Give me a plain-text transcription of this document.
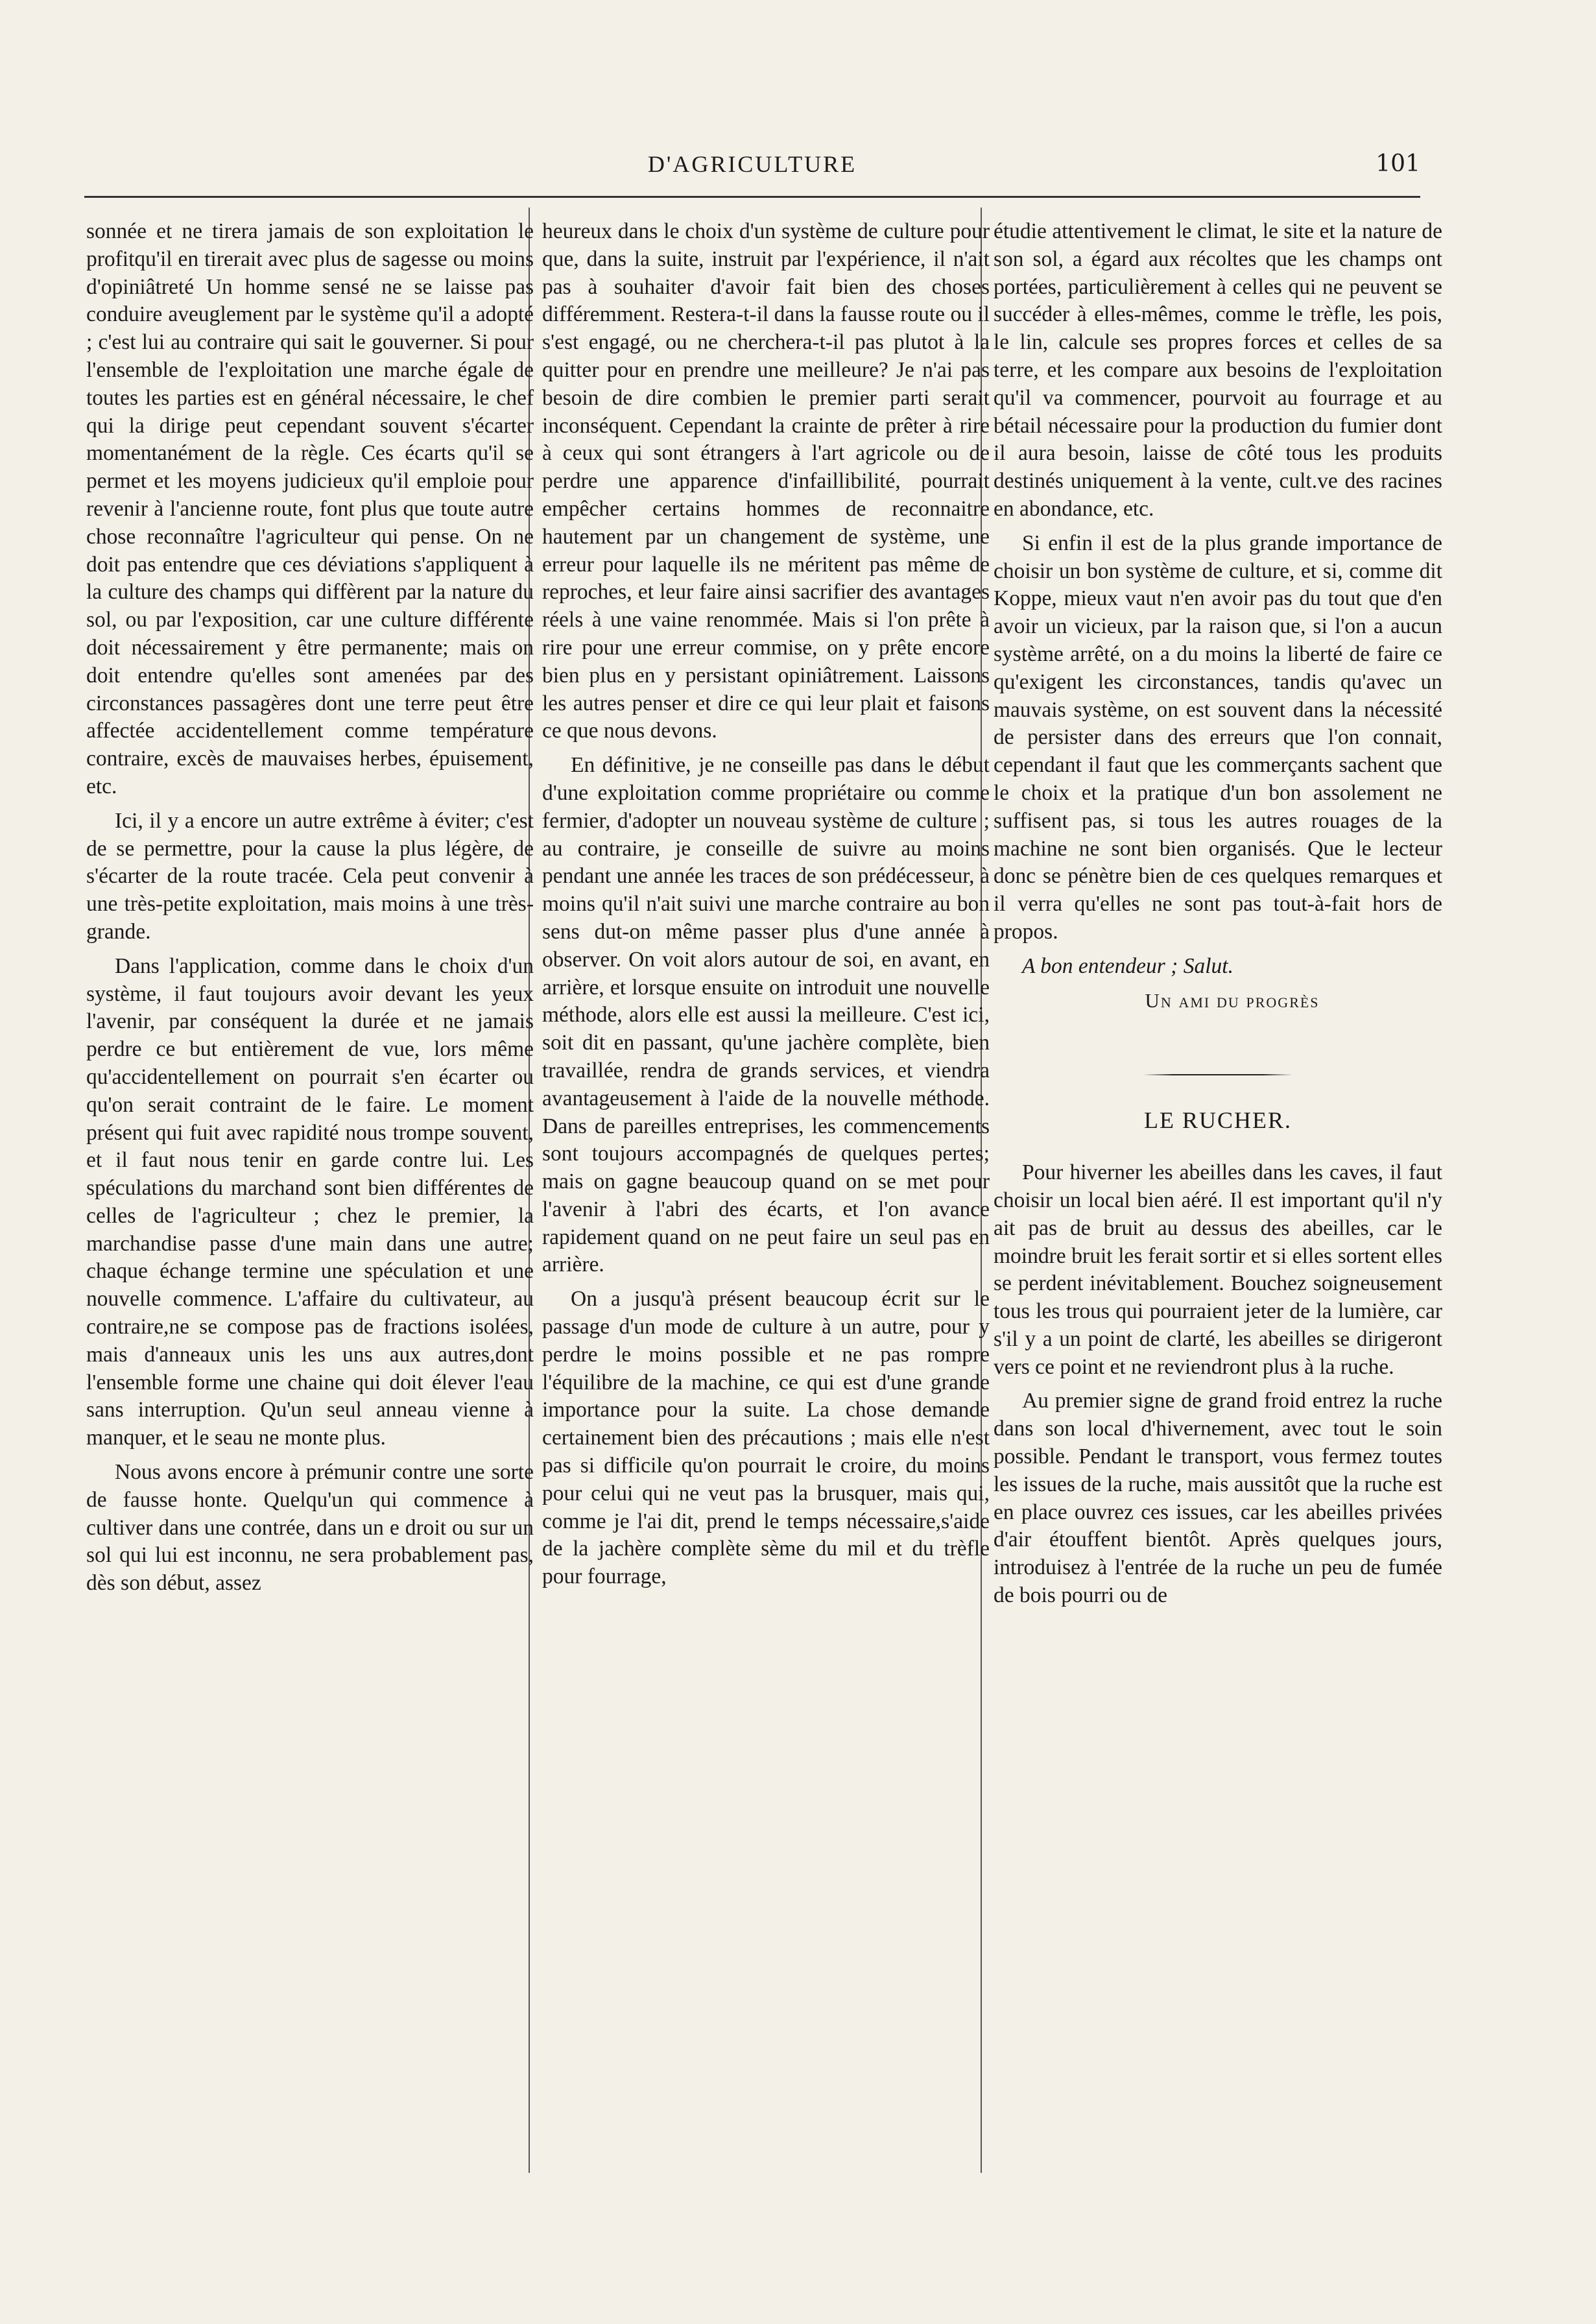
D'AGRICULTURE	101

sonnée et ne tirera jamais de son exploitation le profitqu'il en tirerait avec plus de sagesse ou moins d'opiniâtreté Un homme sensé ne se laisse pas conduire aveuglement par le système qu'il a adopté ; c'est lui au contraire qui sait le gouverner. Si pour l'ensemble de l'exploitation une marche égale de toutes les parties est en général nécessaire, le chef qui la dirige peut cependant souvent s'écarter momentanément de la règle. Ces écarts qu'il se permet et les moyens judicieux qu'il emploie pour revenir à l'ancienne route, font plus que toute autre chose reconnaître l'agriculteur qui pense. On ne doit pas entendre que ces déviations s'appliquent à la culture des champs qui diffèrent par la nature du sol, ou par l'exposition, car une culture différente doit nécessairement y être permanente; mais on doit entendre qu'elles sont amenées par des circonstances passagères dont une terre peut être affectée accidentellement comme température contraire, excès de mauvaises herbes, épuisement, etc.

Ici, il y a encore un autre extrême à éviter; c'est de se permettre, pour la cause la plus légère, de s'écarter de la route tracée. Cela peut convenir à une très-petite exploitation, mais moins à une très-grande.

Dans l'application, comme dans le choix d'un système, il faut toujours avoir devant les yeux l'avenir, par conséquent la durée et ne jamais perdre ce but entièrement de vue, lors même qu'accidentellement on pourrait s'en écarter ou qu'on serait contraint de le faire. Le moment présent qui fuit avec rapidité nous trompe souvent, et il faut nous tenir en garde contre lui. Les spéculations du marchand sont bien différentes de celles de l'agriculteur ; chez le premier, la marchandise passe d'une main dans une autre; chaque échange termine une spéculation et une nouvelle commence. L'affaire du cultivateur, au contraire,ne se compose pas de fractions isolées, mais d'anneaux unis les uns aux autres,dont l'ensemble forme une chaine qui doit élever l'eau sans interruption. Qu'un seul anneau vienne à manquer, et le seau ne monte plus.

Nous avons encore à prémunir contre une sorte de fausse honte. Quelqu'un qui commence à cultiver dans une contrée, dans un e droit ou sur un sol qui lui est inconnu, ne sera probablement pas, dès son début, assez

heureux dans le choix d'un système de culture pour que, dans la suite, instruit par l'expérience, il n'ait pas à souhaiter d'avoir fait bien des choses différemment. Restera-t-il dans la fausse route ou il s'est engagé, ou ne cherchera-t-il pas plutot à la quitter pour en prendre une meilleure? Je n'ai pas besoin de dire combien le premier parti serait inconséquent. Cependant la crainte de prêter à rire à ceux qui sont étrangers à l'art agricole ou de perdre une apparence d'infaillibilité, pourrait empêcher certains hommes de reconnaitre hautement par un changement de système, une erreur pour laquelle ils ne méritent pas même de reproches, et leur faire ainsi sacrifier des avantages réels à une vaine renommée. Mais si l'on prête à rire pour une erreur commise, on y prête encore bien plus en y persistant opiniâtrement. Laissons les autres penser et dire ce qui leur plait et faisons ce que nous devons.

En définitive, je ne conseille pas dans le début d'une exploitation comme propriétaire ou comme fermier, d'adopter un nouveau système de culture ; au contraire, je conseille de suivre au moins pendant une année les traces de son prédécesseur, à moins qu'il n'ait suivi une marche contraire au bon sens dut-on même passer plus d'une année à observer. On voit alors autour de soi, en avant, en arrière, et lorsque ensuite on introduit une nouvelle méthode, alors elle est aussi la meilleure. C'est ici, soit dit en passant, qu'une jachère complète, bien travaillée, rendra de grands services, et viendra avantageusement à l'aide de la nouvelle méthode. Dans de pareilles entreprises, les commencements sont toujours accompagnés de quelques pertes; mais on gagne beaucoup quand on se met pour l'avenir à l'abri des écarts, et l'on avance rapidement quand on ne peut faire un seul pas en arrière.

On a jusqu'à présent beaucoup écrit sur le passage d'un mode de culture à un autre, pour y perdre le moins possible et ne pas rompre l'équilibre de la machine, ce qui est d'une grande importance pour la suite. La chose demande certainement bien des précautions ; mais elle n'est pas si difficile qu'on pourrait le croire, du moins pour celui qui ne veut pas la brusquer, mais qui, comme je l'ai dit, prend le temps nécessaire,s'aide de la jachère complète sème du mil et du trèfle pour fourrage,

étudie attentivement le climat, le site et la nature de son sol, a égard aux récoltes que les champs ont portées, particulièrement à celles qui ne peuvent se succéder à elles-mêmes, comme le trèfle, les pois, le lin, calcule ses propres forces et celles de sa terre, et les compare aux besoins de l'exploitation qu'il va commencer, pourvoit au fourrage et au bétail nécessaire pour la production du fumier dont il aura besoin, laisse de côté tous les produits destinés uniquement à la vente, cult.ve des racines en abondance, etc.

Si enfin il est de la plus grande importance de choisir un bon système de culture, et si, comme dit Koppe, mieux vaut n'en avoir pas du tout que d'en avoir un vicieux, par la raison que, si l'on a aucun système arrêté, on a du moins la liberté de faire ce qu'exigent les circonstances, tandis qu'avec un mauvais système, on est souvent dans la nécessité de persister dans des erreurs que l'on connait, cependant il faut que les commerçants sachent que le choix et la pratique d'un bon assolement ne suffisent pas, si tous les autres rouages de la machine ne sont bien organisés. Que le lecteur donc se pénètre bien de ces quelques remarques et il verra qu'elles ne sont pas tout-à-fait hors de propos.

A bon entendeur ; Salut.

Un ami du progrès

LE RUCHER.

Pour hiverner les abeilles dans les caves, il faut choisir un local bien aéré. Il est important qu'il n'y ait pas de bruit au dessus des abeilles, car le moindre bruit les ferait sortir et si elles sortent elles se perdent inévitablement. Bouchez soigneusement tous les trous qui pourraient jeter de la lumière, car s'il y a un point de clarté, les abeilles se dirigeront vers ce point et ne reviendront plus à la ruche.

Au premier signe de grand froid entrez la ruche dans son local d'hivernement, avec tout le soin possible. Pendant le transport, vous fermez toutes les issues de la ruche, mais aussitôt que la ruche est en place ouvrez ces issues, car les abeilles privées d'air étouffent bientôt. Après quelques jours, introduisez à l'entrée de la ruche un peu de fumée de bois pourri ou de
